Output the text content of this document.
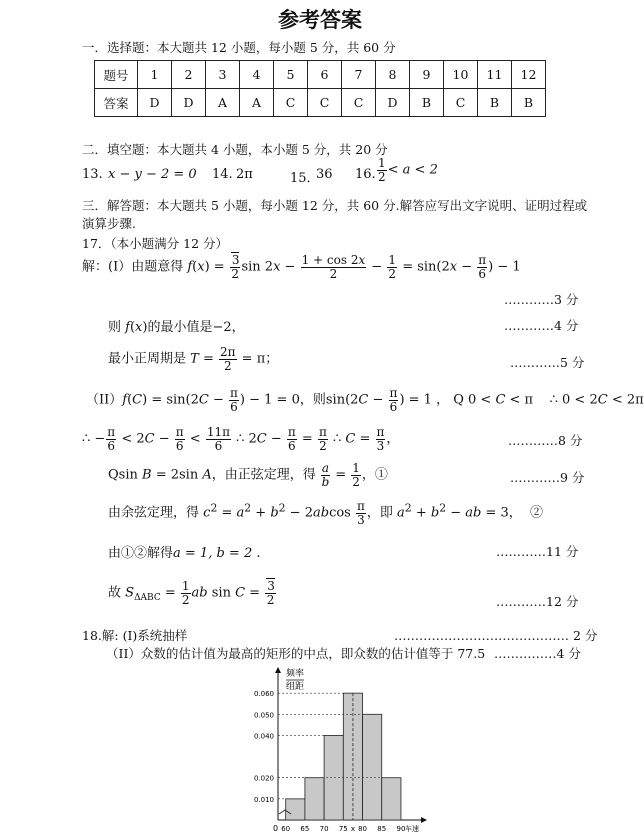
参考答案
一．选择题：本大题共 12 小题，每小题 5 分，共 60 分
题号	1	2	3	4	5	6	7	8	9	10	11	12
答案	D	D	A	A	C	C	C	D	B	C	B	B
二．填空题：本大题共 4 小题，本小题 5 分，共 20 分
13. x − y − 2 = 0 14. 2π	15．
36 16. $\frac{1}{2} < a < 2$
三．解答题：本大题共 5 小题，每小题 12 分，共 60 分.解答应写出文字说明、证明过程或
演算步骤.
17．（本小题满分 12 分）
解：(I）由题意得 $f(x) = \frac{3}{2}$ $\sin 2x - \frac{1 + \cos 2x}{2} - \frac{1}{2} = \sin(2x - \frac{\pi}{6}$ ) − 1
…………3 分
则 f(x)的最小值是−2，	…………4 分
最小正周期是 $T = \frac{2\pi}{2} = \pi$；	…………5 分
$(II)f(C) = \sin(2C - \frac{\pi}{6}$ ) − 1 = 0，则$\sin(2C - \frac{\pi}{6}$ ) = 1 ， Q 0 < C < π    ∴ 0 < 2C < 2π
∴ − $\frac{\pi}{6} < 2C - \frac{\pi}{6} < \frac{11\pi}{6}$ ∴ $2C - \frac{\pi}{6} = \frac{\pi}{2}$ ∴ $C = \frac{\pi}{3}$ ，	…………8 分
Qsin B = 2sin A，由正弦定理，得 $\frac{a}{b} = \frac{1}{2}$ ，①	…………9 分
由余弦定理，得 $c^2 = a^2 + b^2 - 2abcos \frac{\pi}{3}$ ，即 $a^2 + b^2$ − ab = 3，  ②
由①②解得a = 1, b = 2 .	…………11 分
故 $S_{\Delta ABC} = \frac{1}{2}$ ab $\sin C = \frac{3}{2}$	…………12 分
18.解: (I)系统抽样	…………………………………… 2 分
（II）众数的估计值为最高的矩形的中点，即众数的估计值等于 77.5 ……………4 分
频率
组距
0
0.060
0.050
0.040
0.020
0.010
60 65 70 75 x 80 85 90 车速
